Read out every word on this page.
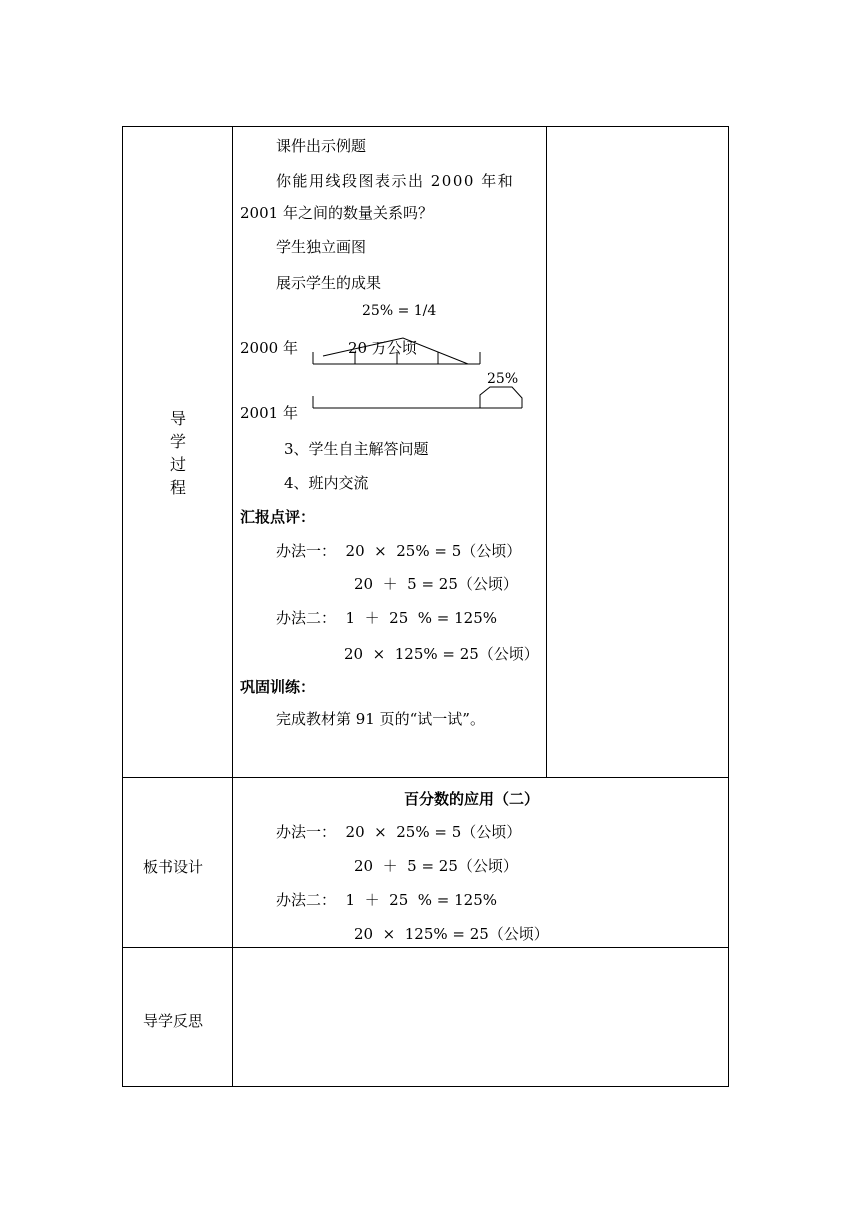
导
学
过
程
课件出示例题
你能用线段图表示出 2000 年和
2001 年之间的数量关系吗？
学生独立画图
展示学生的成果
25% = 1/4
2000 年	20 万公顷
25%
2001 年
3、学生自主解答问题
4、班内交流
汇报点评：
办法一：  20  ×  25% = 5（公顷）
20  ＋  5 = 25（公顷）
办法二：  1  ＋  25  % = 125%
20  ×  125% = 25（公顷）
巩固训练：
完成教材第 91 页的“试一试”。
板书设计
百分数的应用（二）
办法一：  20  ×  25% = 5（公顷）
20  ＋  5 = 25（公顷）
办法二：  1  ＋  25  % = 125%
20  ×  125% = 25（公顷）
导学反思
